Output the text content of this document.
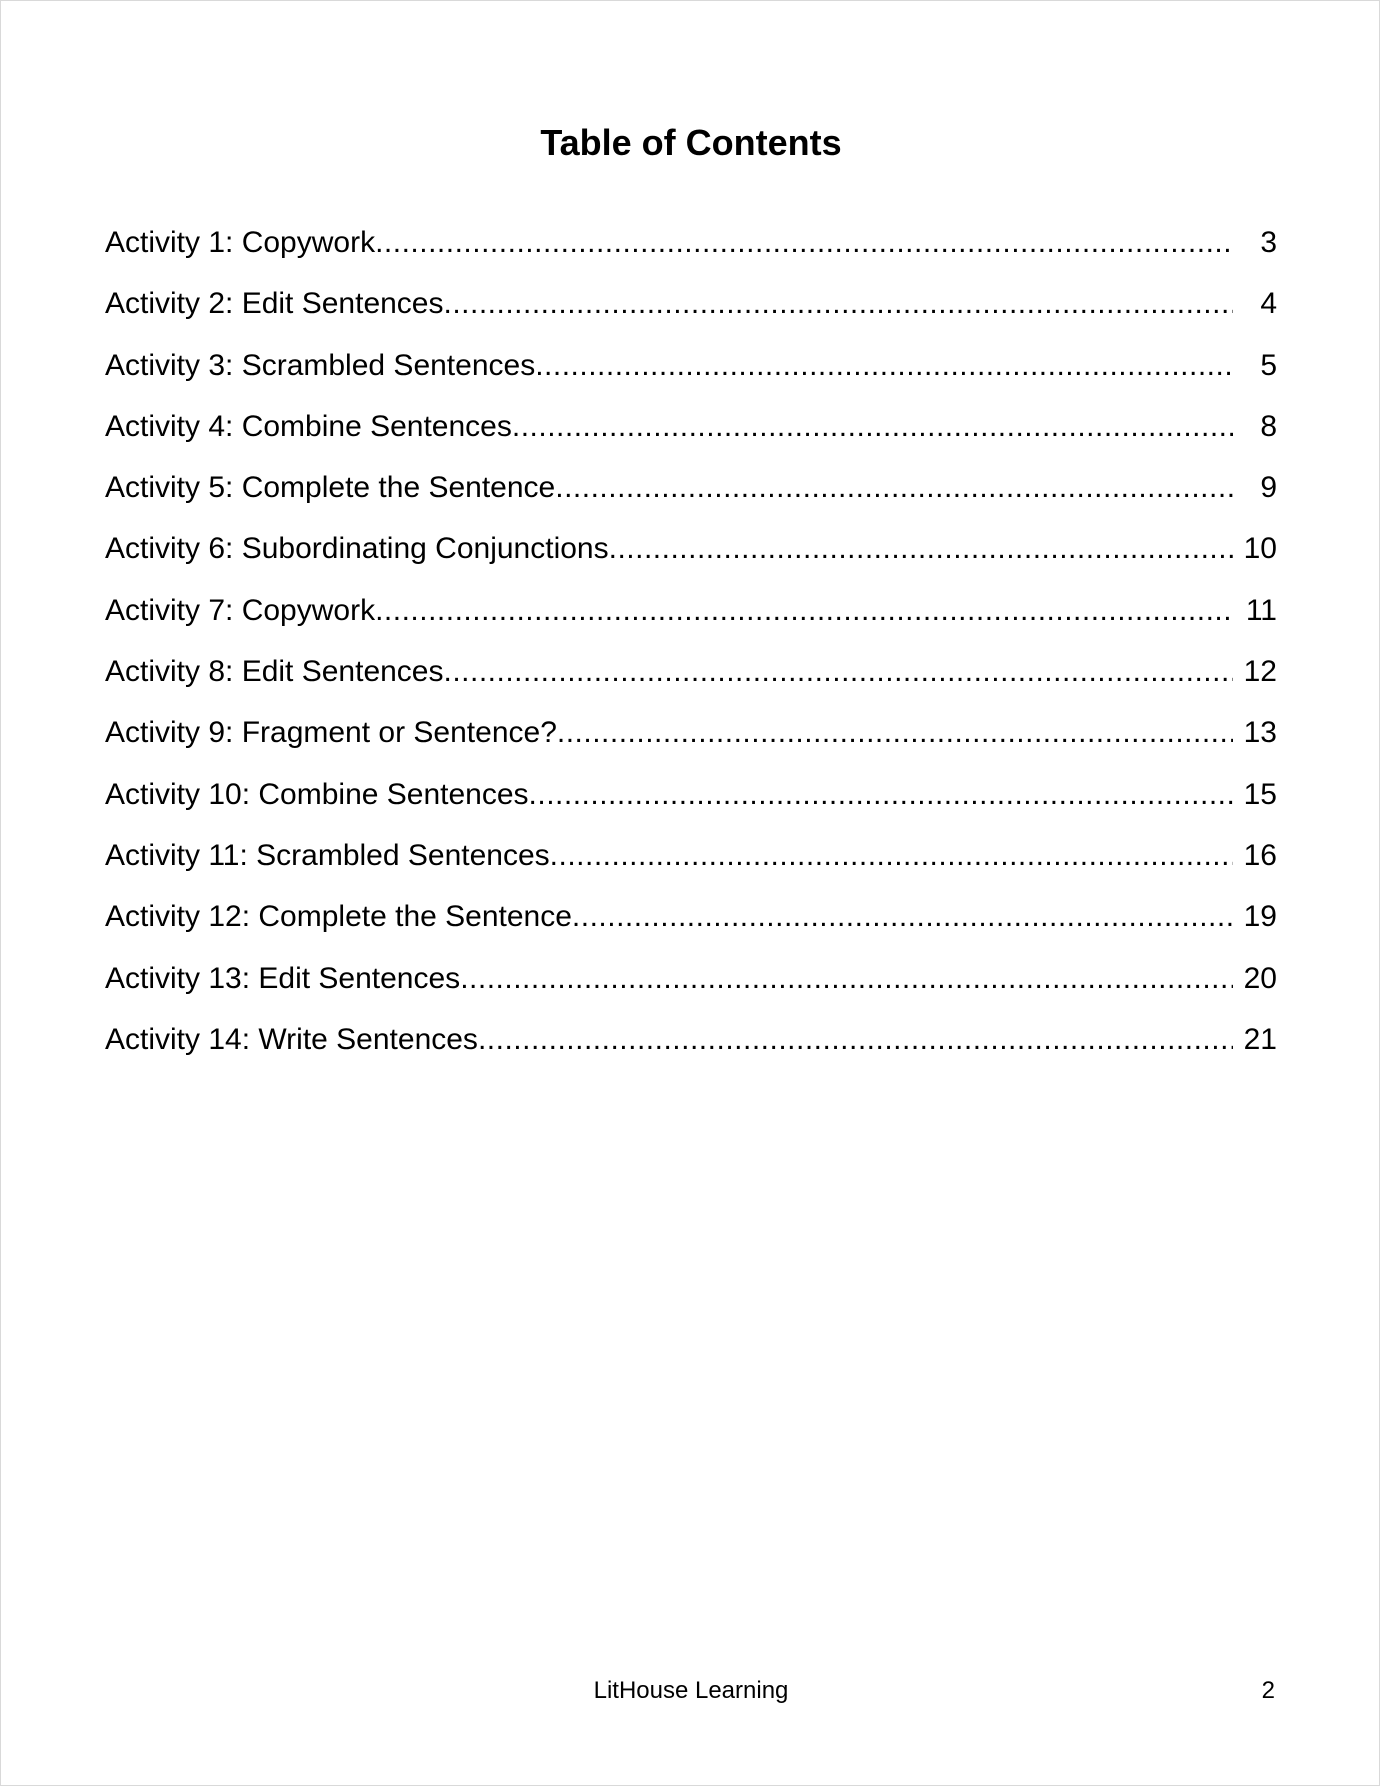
Table of Contents
Activity 1: Copywork .....	3
Activity 2: Edit Sentences .....	4
Activity 3: Scrambled Sentences .....	5
Activity 4: Combine Sentences .....	8
Activity 5: Complete the Sentence .....	9
Activity 6: Subordinating Conjunctions .....	10
Activity 7: Copywork .....	11
Activity 8: Edit Sentences .....	12
Activity 9: Fragment or Sentence? .....	13
Activity 10: Combine Sentences .....	15
Activity 11: Scrambled Sentences .....	16
Activity 12: Complete the Sentence .....	19
Activity 13: Edit Sentences .....	20
Activity 14: Write Sentences .....	21
LitHouse Learning	2
